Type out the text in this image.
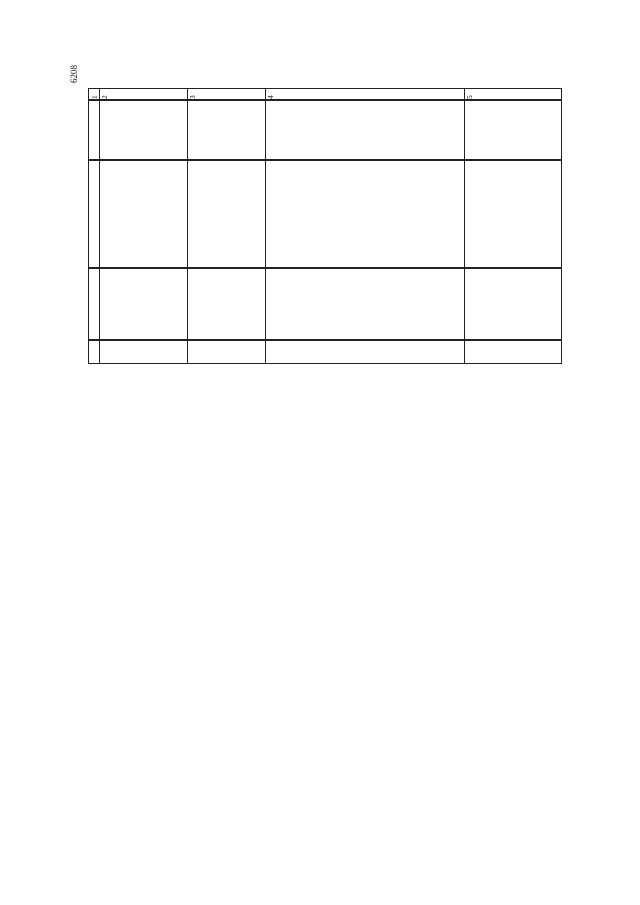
6208
1 2	3	4	5
